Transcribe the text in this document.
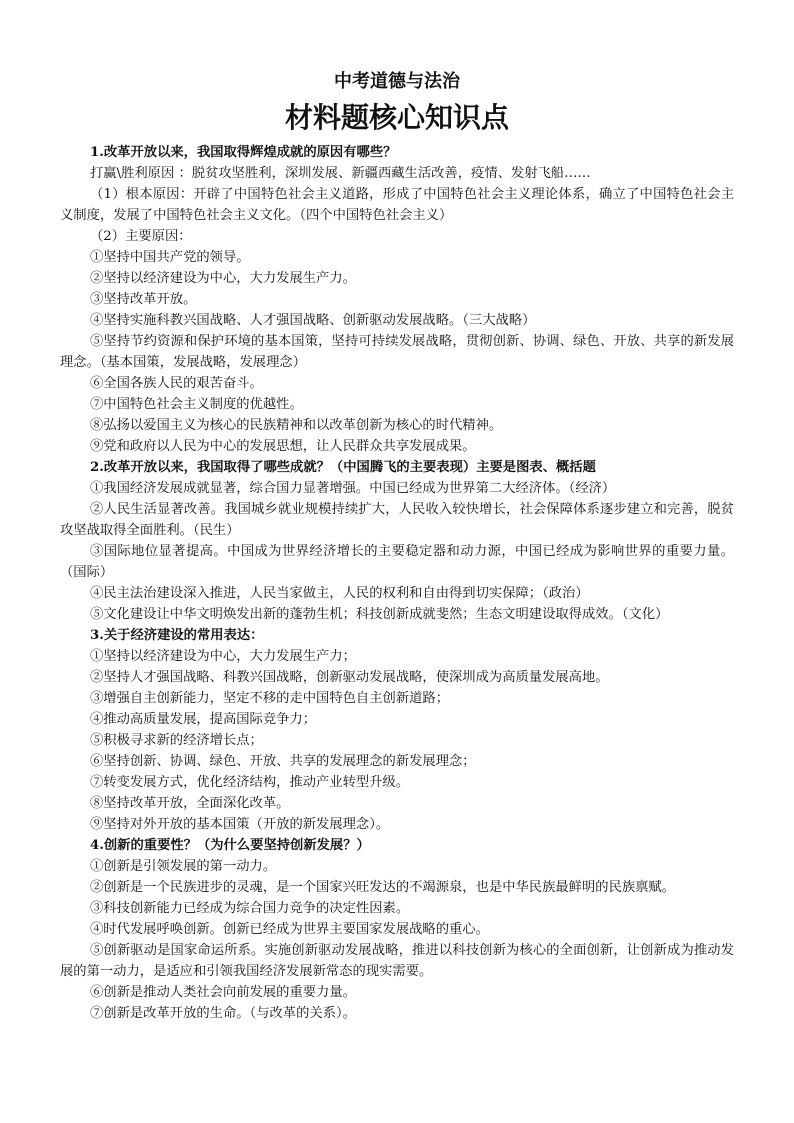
中考道德与法治
材料题核心知识点

1.改革开放以来，我国取得辉煌成就的原因有哪些？

打赢\胜利原因 ：脱贫攻坚胜利，深圳发展、新疆西藏生活改善，疫情、发射飞船……

（1）根本原因：开辟了中国特色社会主义道路，形成了中国特色社会主义理论体系，确立了中国特色社会主义制度，发展了中国特色社会主义文化。（四个中国特色社会主义）

（2）主要原因：

①坚持中国共产党的领导。

②坚持以经济建设为中心，大力发展生产力。

③坚持改革开放。

④坚持实施科教兴国战略、人才强国战略、创新驱动发展战略。（三大战略）

⑤坚持节约资源和保护环境的基本国策，坚持可持续发展战略，贯彻创新、协调、绿色、开放、共享的新发展理念。（基本国策，发展战略，发展理念）

⑥全国各族人民的艰苦奋斗。

⑦中国特色社会主义制度的优越性。

⑧弘扬以爱国主义为核心的民族精神和以改革创新为核心的时代精神。

⑨党和政府以人民为中心的发展思想，让人民群众共享发展成果。

2.改革开放以来，我国取得了哪些成就？（中国腾飞的主要表现）主要是图表、概括题

①我国经济发展成就显著，综合国力显著增强。中国已经成为世界第二大经济体。（经济）

②人民生活显著改善。我国城乡就业规模持续扩大，人民收入较快增长，社会保障体系逐步建立和完善，脱贫攻坚战取得全面胜利。（民生）

③国际地位显著提高。中国成为世界经济增长的主要稳定器和动力源，中国已经成为影响世界的重要力量。（国际）

④民主法治建设深入推进，人民当家做主，人民的权利和自由得到切实保障；（政治）

⑤文化建设让中华文明焕发出新的蓬勃生机；科技创新成就斐然；生态文明建设取得成效。（文化）

3.关于经济建设的常用表达：

①坚持以经济建设为中心，大力发展生产力；

②坚持人才强国战略、科教兴国战略，创新驱动发展战略，使深圳成为高质量发展高地。

③增强自主创新能力，坚定不移的走中国特色自主创新道路；

④推动高质量发展，提高国际竞争力；

⑤积极寻求新的经济增长点；

⑥坚持创新、协调、绿色、开放、共享的发展理念的新发展理念；

⑦转变发展方式，优化经济结构，推动产业转型升级。

⑧坚持改革开放，全面深化改革。

⑨坚持对外开放的基本国策（开放的新发展理念）。

4.创新的重要性？（为什么要坚持创新发展？）

①创新是引领发展的第一动力。

②创新是一个民族进步的灵魂，是一个国家兴旺发达的不竭源泉，也是中华民族最鲜明的民族禀赋。

③科技创新能力已经成为综合国力竞争的决定性因素。

④时代发展呼唤创新。创新已经成为世界主要国家发展战略的重心。

⑤创新驱动是国家命运所系。实施创新驱动发展战略，推进以科技创新为核心的全面创新，让创新成为推动发展的第一动力，是适应和引领我国经济发展新常态的现实需要。

⑥创新是推动人类社会向前发展的重要力量。

⑦创新是改革开放的生命。（与改革的关系）。
